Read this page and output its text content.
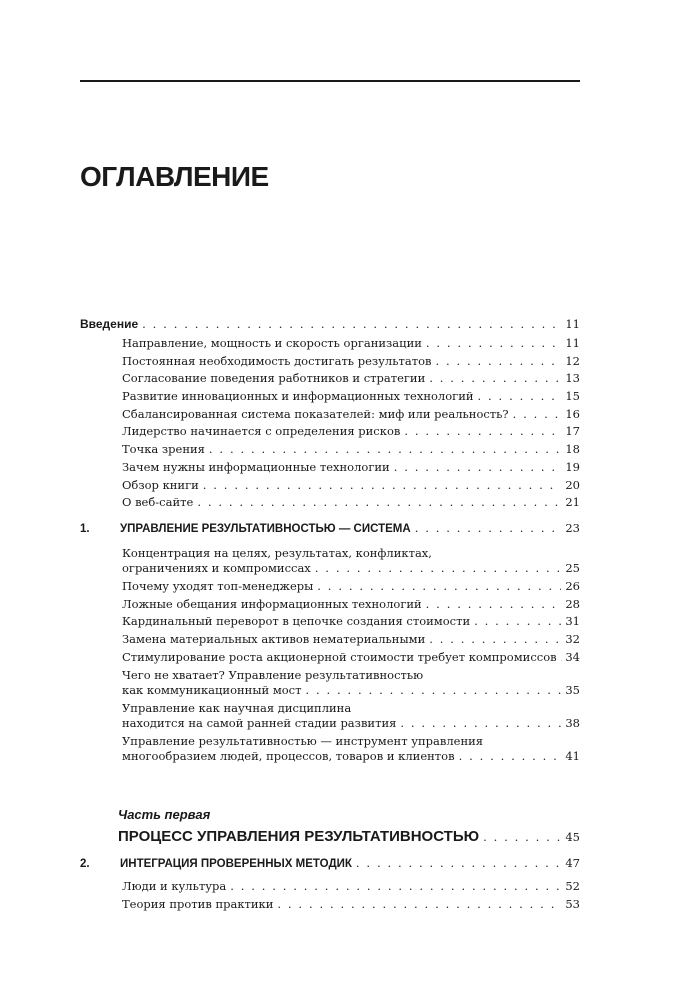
ОГЛАВЛЕНИЕ
Введение . . .	11
Направление, мощность и скорость организации . . .	11
Постоянная необходимость достигать результатов . . .	12
Согласование поведения работников и стратегии . . .	13
Развитие инновационных и информационных технологий . . .	15
Сбалансированная система показателей: миф или реальность? . . .	16
Лидерство начинается с определения рисков . . .	17
Точка зрения . . .	18
Зачем нужны информационные технологии . . .	19
Обзор книги . . .	20
О веб-сайте . . .	21
1.	УПРАВЛЕНИЕ РЕЗУЛЬТАТИВНОСТЬЮ — СИСТЕМА . . .	23
Концентрация на целях, результатах, конфликтах,
ограничениях и компромиссах . . .	25
Почему уходят топ-менеджеры . . .	26
Ложные обещания информационных технологий . . .	28
Кардинальный переворот в цепочке создания стоимости . . .	31
Замена материальных активов нематериальными . . .	32
Стимулирование роста акционерной стоимости требует компромиссов . . . 34
Чего не хватает? Управление результативностью
как коммуникационный мост . . .	35
Управление как научная дисциплина
находится на самой ранней стадии развития . . .	38
Управление результативностью — инструмент управления
многообразием людей, процессов, товаров и клиентов . . .	41
Часть первая
ПРОЦЕСС УПРАВЛЕНИЯ РЕЗУЛЬТАТИВНОСТЬЮ . . .	45
2.	ИНТЕГРАЦИЯ ПРОВЕРЕННЫХ МЕТОДИК . . .	47
Люди и культура . . .	52
Теория против практики . . .	53
